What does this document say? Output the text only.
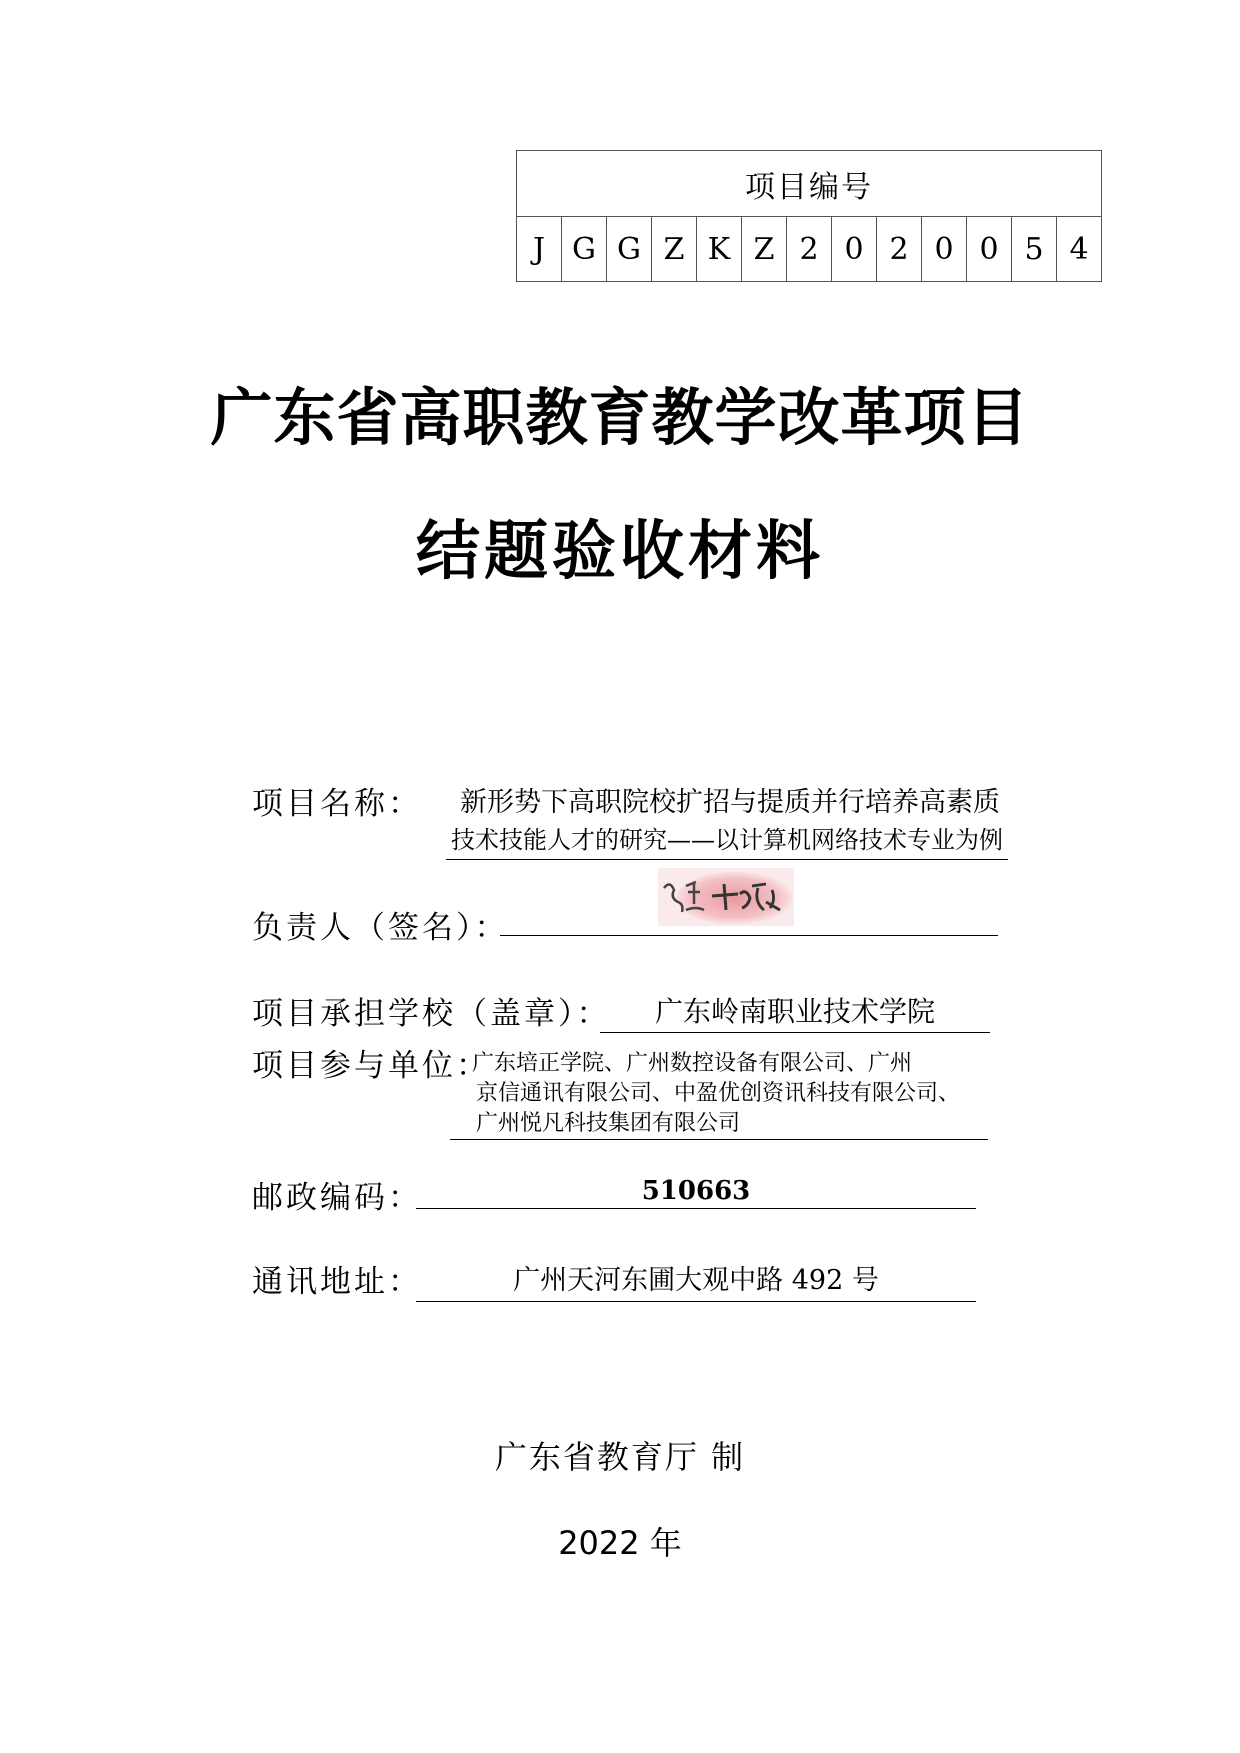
项目编号
J G G Z K Z 2 0 2 0 0 5 4
广东省高职教育教学改革项目
结题验收材料
项目名称：	新形势下高职院校扩招与提质并行培养高素质
技术技能人才的研究——以计算机网络技术专业为例
负责人（签名）：
项目承担学校（盖章）：	广东岭南职业技术学院
项目参与单位：
广东培正学院、广州数控设备有限公司、广州
京信通讯有限公司、中盈优创资讯科技有限公司、
广州悦凡科技集团有限公司
邮政编码：	510663
通讯地址：	广州天河东圃大观中路 492 号
广东省教育厅 制
2022 年
